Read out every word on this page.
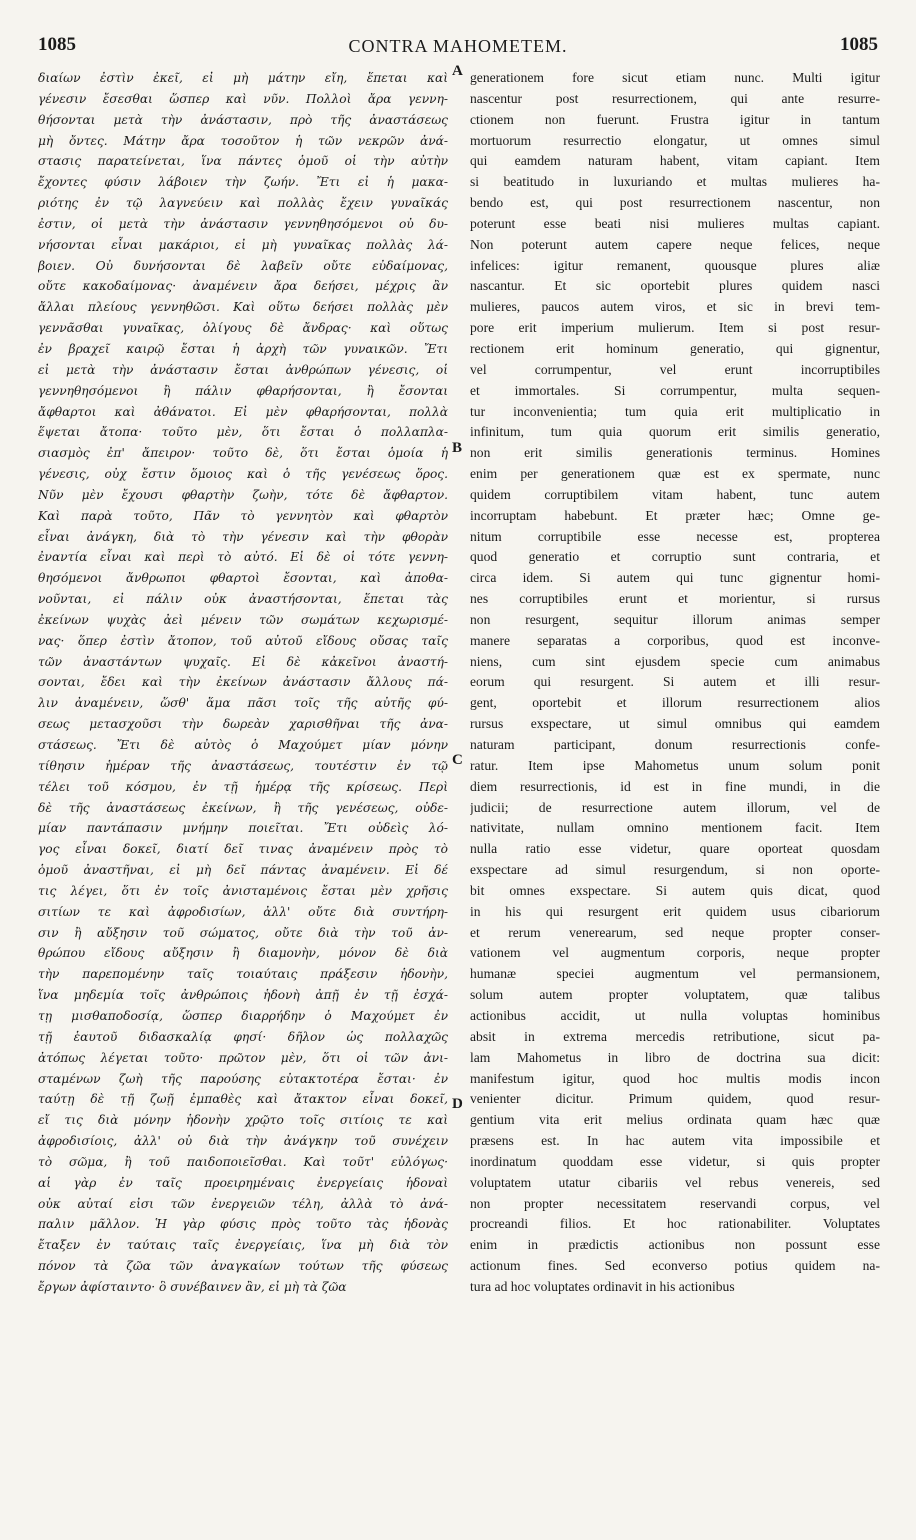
1085	CONTRA MAHOMETEM.	1085
διαίων ἐστὶν ἐκεῖ, εἰ μὴ μάτην εἴη, ἕπεται καὶ
γένεσιν ἔσεσθαι ὥσπερ καὶ νῦν. Πολλοὶ ἄρα γεννη-
θήσονται μετὰ τὴν ἀνάστασιν, πρὸ τῆς ἀναστάσεως
μὴ ὄντες. Μάτην ἄρα τοσοῦτον ἡ τῶν νεκρῶν ἀνά-
στασις παρατείνεται, ἵνα πάντες ὁμοῦ οἱ τὴν αὐτὴν
ἔχοντες φύσιν λάβοιεν τὴν ζωήν. Ἔτι εἰ ἡ μακα-
ριότης ἐν τῷ λαγνεύειν καὶ πολλὰς ἔχειν γυναῖκάς
ἐστιν, οἱ μετὰ τὴν ἀνάστασιν γεννηθησόμενοι οὐ δυ-
νήσονται εἶναι μακάριοι, εἰ μὴ γυναῖκας πολλὰς λά-
βοιεν. Οὐ δυνήσονται δὲ λαβεῖν οὔτε εὐδαίμονας,
οὔτε κακοδαίμονας· ἀναμένειν ἄρα δεήσει, μέχρις ἂν
ἄλλαι πλείους γεννηθῶσι. Καὶ οὕτω δεήσει πολλὰς μὲν
γεννᾶσθαι γυναῖκας, ὀλίγους δὲ ἄνδρας· καὶ οὕτως
ἐν βραχεῖ καιρῷ ἔσται ἡ ἀρχὴ τῶν γυναικῶν. Ἔτι
εἰ μετὰ τὴν ἀνάστασιν ἔσται ἀνθρώπων γένεσις, οἱ
γεννηθησόμενοι ἢ πάλιν φθαρήσονται, ἢ ἔσονται
ἄφθαρτοι καὶ ἀθάνατοι. Εἰ μὲν φθαρήσονται, πολλὰ
ἕψεται ἄτοπα· τοῦτο μὲν, ὅτι ἔσται ὁ πολλαπλα-
σιασμὸς ἐπ' ἄπειρον· τοῦτο δὲ, ὅτι ἔσται ὁμοία ἡ
γένεσις, οὐχ ἔστιν ὅμοιος καὶ ὁ τῆς γενέσεως ὅρος.
Νῦν μὲν ἔχουσι φθαρτὴν ζωὴν, τότε δὲ ἄφθαρτον.
Καὶ παρὰ τοῦτο, Πᾶν τὸ γεννητὸν καὶ φθαρτὸν
εἶναι ἀνάγκη, διὰ τὸ τὴν γένεσιν καὶ τὴν φθορὰν
ἐναντία εἶναι καὶ περὶ τὸ αὐτό. Εἰ δὲ οἱ τότε γεννη-
θησόμενοι ἄνθρωποι φθαρτοὶ ἔσονται, καὶ ἀποθα-
νοῦνται, εἰ πάλιν οὐκ ἀναστήσονται, ἕπεται τὰς
ἐκείνων ψυχὰς ἀεὶ μένειν τῶν σωμάτων κεχωρισμέ-
νας· ὅπερ ἐστὶν ἄτοπον, τοῦ αὐτοῦ εἴδους οὔσας ταῖς
τῶν ἀναστάντων ψυχαῖς. Εἰ δὲ κἀκεῖνοι ἀναστή-
σονται, ἔδει καὶ τὴν ἐκείνων ἀνάστασιν ἄλλους πά-
λιν ἀναμένειν, ὥσθ' ἅμα πᾶσι τοῖς τῆς αὐτῆς φύ-
σεως μετασχοῦσι τὴν δωρεὰν χαρισθῆναι τῆς ἀνα-
στάσεως. Ἔτι δὲ αὐτὸς ὁ Μαχούμετ μίαν μόνην
τίθησιν ἡμέραν τῆς ἀναστάσεως, τουτέστιν ἐν τῷ
τέλει τοῦ κόσμου, ἐν τῇ ἡμέρᾳ τῆς κρίσεως. Περὶ
δὲ τῆς ἀναστάσεως ἐκείνων, ἢ τῆς γενέσεως, οὐδε-
μίαν παντάπασιν μνήμην ποιεῖται. Ἔτι οὐδεὶς λό-
γος εἶναι δοκεῖ, διατί δεῖ τινας ἀναμένειν πρὸς τὸ
ὁμοῦ ἀναστῆναι, εἰ μὴ δεῖ πάντας ἀναμένειν. Εἰ δέ
τις λέγει, ὅτι ἐν τοῖς ἀνισταμένοις ἔσται μὲν χρῆσις
σιτίων τε καὶ ἀφροδισίων, ἀλλ' οὔτε διὰ συντήρη-
σιν ἢ αὔξησιν τοῦ σώματος, οὔτε διὰ τὴν τοῦ ἀν-
θρώπου εἴδους αὔξησιν ἢ διαμονὴν, μόνον δὲ διὰ
τὴν παρεπομένην ταῖς τοιαύταις πράξεσιν ἡδονὴν,
ἵνα μηδεμία τοῖς ἀνθρώποις ἡδονὴ ἀπῇ ἐν τῇ ἐσχά-
τῃ μισθαποδοσίᾳ, ὥσπερ διαρρήδην ὁ Μαχούμετ ἐν
τῇ ἑαυτοῦ διδασκαλίᾳ φησί· δῆλον ὡς πολλαχῶς
ἀτόπως λέγεται τοῦτο· πρῶτον μὲν, ὅτι οἱ τῶν ἀνι-
σταμένων ζωὴ τῆς παρούσης εὐτακτοτέρα ἔσται· ἐν
ταύτῃ δὲ τῇ ζωῇ ἐμπαθὲς καὶ ἄτακτον εἶναι δοκεῖ,
εἴ τις διὰ μόνην ἡδονὴν χρῷτο τοῖς σιτίοις τε καὶ
ἀφροδισίοις, ἀλλ' οὐ διὰ τὴν ἀνάγκην τοῦ συνέχειν
τὸ σῶμα, ἢ τοῦ παιδοποιεῖσθαι. Καὶ τοῦτ' εὐλόγως·
αἱ γὰρ ἐν ταῖς προειρημέναις ἐνεργείαις ἡδοναὶ
οὐκ αὐταί εἰσι τῶν ἐνεργειῶν τέλη, ἀλλὰ τὸ ἀνά-
παλιν μᾶλλον. Ἡ γὰρ φύσις πρὸς τοῦτο τὰς ἡδονὰς
ἔταξεν ἐν ταύταις ταῖς ἐνεργείαις, ἵνα μὴ διὰ τὸν
πόνον τὰ ζῶα τῶν ἀναγκαίων τούτων τῆς φύσεως
ἔργων ἀφίσταιντο· ὃ συνέβαινεν ἂν, εἰ μὴ τὰ ζῶα
generationem fore sicut etiam nunc. Multi igitur
nascentur post resurrectionem, qui ante resurre-
ctionem non fuerunt. Frustra igitur in tantum
mortuorum resurrectio elongatur, ut omnes simul
qui eamdem naturam habent, vitam capiant. Item
si beatitudo in luxuriando et multas mulieres ha-
bendo est, qui post resurrectionem nascentur, non
poterunt esse beati nisi mulieres multas capiant.
Non poterunt autem capere neque felices, neque
infelices: igitur remanent, quousque plures aliæ
nascantur. Et sic oportebit plures quidem nasci
mulieres, paucos autem viros, et sic in brevi tem-
pore erit imperium mulierum. Item si post resur-
rectionem erit hominum generatio, qui gignentur,
vel corrumpentur, vel erunt incorruptibiles
et immortales. Si corrumpentur, multa sequen-
tur inconvenientia; tum quia erit multiplicatio in
infinitum, tum quia quorum erit similis generatio,
non erit similis generationis terminus. Homines
enim per generationem quæ est ex spermate, nunc
quidem corruptibilem vitam habent, tunc autem
incorruptam habebunt. Et præter hæc; Omne ge-
nitum corruptibile esse necesse est, propterea
quod generatio et corruptio sunt contraria, et
circa idem. Si autem qui tunc gignentur homi-
nes corruptibiles erunt et morientur, si rursus
non resurgent, sequitur illorum animas semper
manere separatas a corporibus, quod est inconve-
niens, cum sint ejusdem specie cum animabus
eorum qui resurgent. Si autem et illi resur-
gent, oportebit et illorum resurrectionem alios
rursus exspectare, ut simul omnibus qui eamdem
naturam participant, donum resurrectionis confe-
ratur. Item ipse Mahometus unum solum ponit
diem resurrectionis, id est in fine mundi, in die
judicii; de resurrectione autem illorum, vel de
nativitate, nullam omnino mentionem facit. Item
nulla ratio esse videtur, quare oporteat quosdam
exspectare ad simul resurgendum, si non oporte-
bit omnes exspectare. Si autem quis dicat, quod
in his qui resurgent erit quidem usus cibariorum
et rerum venerearum, sed neque propter conser-
vationem vel augmentum corporis, neque propter
humanæ speciei augmentum vel permansionem,
solum autem propter voluptatem, quæ talibus
actionibus accidit, ut nulla voluptas hominibus
absit in extrema mercedis retributione, sicut pa-
lam Mahometus in libro de doctrina sua dicit:
manifestum igitur, quod hoc multis modis incon
venienter dicitur. Primum quidem, quod resur-
gentium vita erit melius ordinata quam hæc quæ
præsens est. In hac autem vita impossibile et
inordinatum quoddam esse videtur, si quis propter
voluptatem utatur cibariis vel rebus venereis, sed
non propter necessitatem reservandi corpus, vel
procreandi filios. Et hoc rationabiliter. Voluptates
enim in prædictis actionibus non possunt esse
actionum fines. Sed econverso potius quidem na-
tura ad hoc voluptates ordinavit in his actionibus
A
B
C
D
